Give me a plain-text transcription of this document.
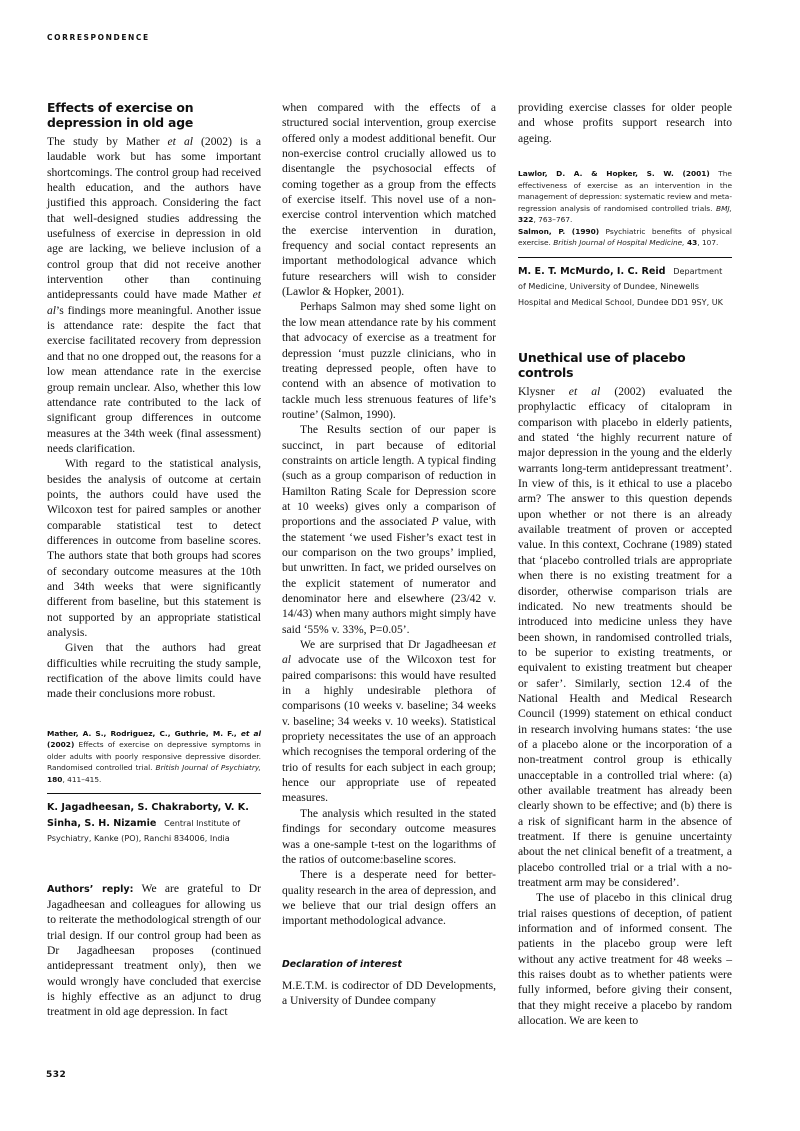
CORRESPONDENCE
Effects of exercise on depression in old age

The study by Mather et al (2002) is a laudable work but has some important shortcomings. The control group had received health education, and the authors have justified this approach. Considering the fact that well-designed studies addressing the usefulness of exercise in depression in old age are lacking, we believe inclusion of a control group that did not receive another intervention other than continuing antidepressants could have made Mather et al’s findings more meaningful. Another issue is attendance rate: despite the fact that exercise facilitated recovery from depression and that no one dropped out, the reasons for a low mean attendance rate in the exercise group remain unclear. Also, whether this low attendance rate contributed to the lack of significant group differences in outcome measures at the 34th week (final assessment) needs clarification.

With regard to the statistical analysis, besides the analysis of outcome at certain points, the authors could have used the Wilcoxon test for paired samples or another comparable statistical test to detect differences in outcome from baseline scores. The authors state that both groups had scores of secondary outcome measures at the 10th and 34th weeks that were significantly different from baseline, but this statement is not supported by an appropriate statistical analysis.

Given that the authors had great difficulties while recruiting the study sample, rectification of the above limits could have made their conclusions more robust.

Mather, A. S., Rodriguez, C., Guthrie, M. F., et al (2002) Effects of exercise on depressive symptoms in older adults with poorly responsive depressive disorder. Randomised controlled trial. British Journal of Psychiatry, 180, 411–415.

K. Jagadheesan, S. Chakraborty, V. K. Sinha, S. H. Nizamie Central Institute of Psychiatry, Kanke (PO), Ranchi 834006, India

Authors’ reply: We are grateful to Dr Jagadheesan and colleagues for allowing us to reiterate the methodological strength of our trial design. If our control group had been as Dr Jagadheesan proposes (continued antidepressant treatment only), then we would wrongly have concluded that exercise is highly effective as an adjunct to drug treatment in old age depression. In fact

when compared with the effects of a structured social intervention, group exercise offered only a modest additional benefit. Our non-exercise control crucially allowed us to disentangle the psychosocial effects of coming together as a group from the effects of exercise itself. This novel use of a non-exercise control intervention which matched the exercise intervention in duration, frequency and social contact represents an important methodological advance which future researchers will wish to consider (Lawlor & Hopker, 2001).

Perhaps Salmon may shed some light on the low mean attendance rate by his comment that advocacy of exercise as a treatment for depression ‘must puzzle clinicians, who in treating depressed people, often have to contend with an absence of motivation to tackle much less strenuous features of life’s routine’ (Salmon, 1990).

The Results section of our paper is succinct, in part because of editorial constraints on article length. A typical finding (such as a group comparison of reduction in Hamilton Rating Scale for Depression score at 10 weeks) gives only a comparison of proportions and the associated P value, with the statement ‘we used Fisher’s exact test in our comparison on the two groups’ implied, but unwritten. In fact, we prided ourselves on the explicit statement of numerator and denominator here and elsewhere (23/42 v. 14/43) when many authors might simply have said ‘55% v. 33%, P=0.05’.

We are surprised that Dr Jagadheesan et al advocate use of the Wilcoxon test for paired comparisons: this would have resulted in a highly undesirable plethora of comparisons (10 weeks v. baseline; 34 weeks v. baseline; 34 weeks v. 10 weeks). Statistical propriety necessitates the use of an approach which recognises the temporal ordering of the trio of results for each subject in each group; hence our appropriate use of repeated measures.

The analysis which resulted in the stated findings for secondary outcome measures was a one-sample t-test on the logarithms of the ratios of outcome:baseline scores.

There is a desperate need for better-quality research in the area of depression, and we believe that our trial design offers an important methodological advance.

Declaration of interest

M.E.T.M. is codirector of DD Developments, a University of Dundee company

providing exercise classes for older people and whose profits support research into ageing.

Lawlor, D. A. & Hopker, S. W. (2001) The effectiveness of exercise as an intervention in the management of depression: systematic review and meta-regression analysis of randomised controlled trials. BMJ, 322, 763–767.

Salmon, P. (1990) Psychiatric benefits of physical exercise. British Journal of Hospital Medicine, 43, 107.

M. E. T. McMurdo, I. C. Reid Department of Medicine, University of Dundee, Ninewells Hospital and Medical School, Dundee DD1 9SY, UK
Unethical use of placebo controls

Klysner et al (2002) evaluated the prophylactic efficacy of citalopram in comparison with placebo in elderly patients, and stated ‘the highly recurrent nature of major depression in the young and the elderly warrants long-term antidepressant treatment’. In view of this, is it ethical to use a placebo arm? The answer to this question depends upon whether or not there is an already available treatment of proven or accepted value. In this context, Cochrane (1989) stated that ‘placebo controlled trials are appropriate when there is no existing treatment for a disorder, otherwise comparison trials are indicated. No new treatments should be introduced into medicine unless they have been shown, in randomised controlled trials, to be superior to existing treatments, or equivalent to existing treatment but cheaper or safer’. Similarly, section 12.4 of the National Health and Medical Research Council (1999) statement on ethical conduct in research involving humans states: ‘the use of a placebo alone or the incorporation of a non-treatment control group is ethically unacceptable in a controlled trial where: (a) other available treatment has already been clearly shown to be effective; and (b) there is a risk of significant harm in the absence of treatment. If there is genuine uncertainty about the net clinical benefit of a treatment, a placebo controlled trial or a trial with a no-treatment arm may be considered’.

The use of placebo in this clinical drug trial raises questions of deception, of patient information and of informed consent. The patients in the placebo group were left without any active treatment for 48 weeks – this raises doubt as to whether patients were fully informed, before giving their consent, that they might receive a placebo by random allocation. We are keen to

532
